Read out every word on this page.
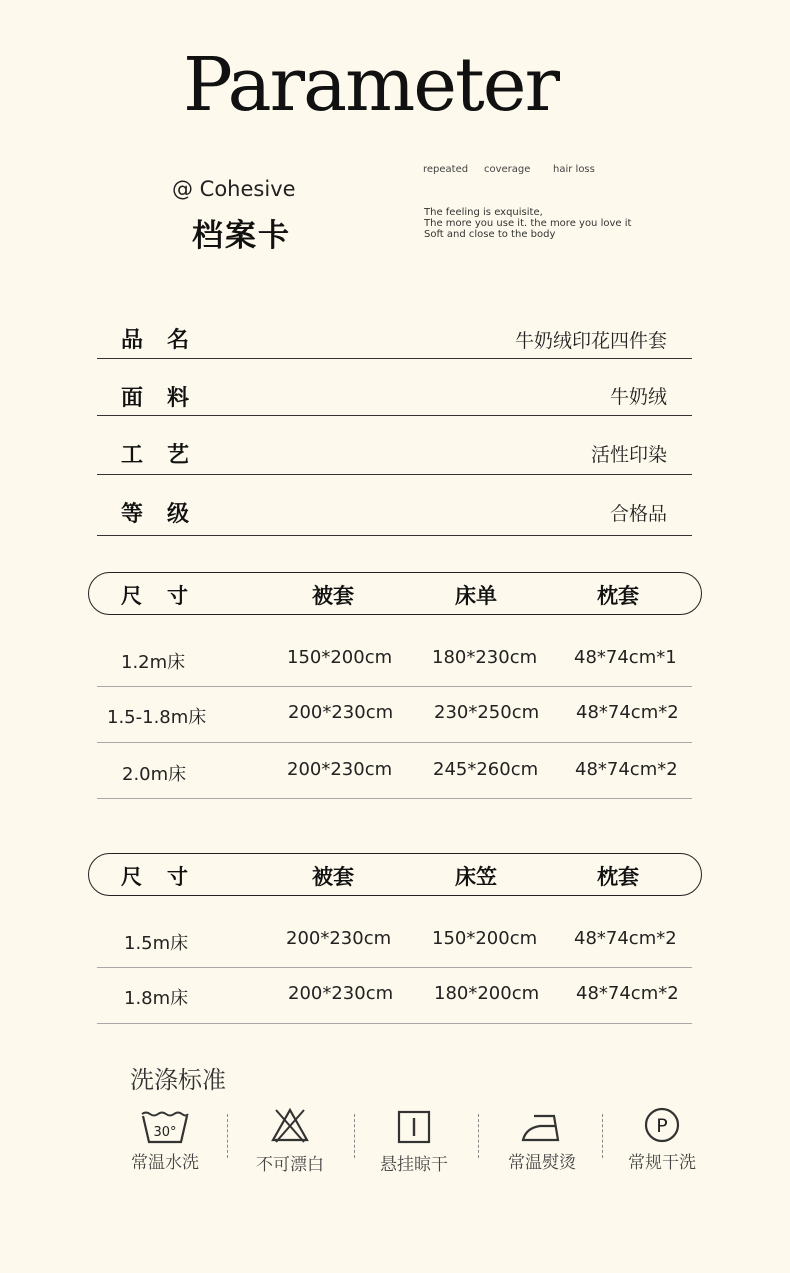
Parameter
@ Cohesive
档案卡
repeated coverage hair loss
The feeling is exquisite,
The more you use it. the more you love it
Soft and close to the body
品 名	牛奶绒印花四件套
面 料	牛奶绒
工 艺	活性印染
等 级	合格品
尺　寸	被套	床单	枕套
1.2m床	150*200cm 180*230cm 48*74cm*1
1.5-1.8m床	200*230cm 230*250cm 48*74cm*2
2.0m床	200*230cm 245*260cm 48*74cm*2
尺　寸	被套	床笠	枕套
1.5m床	200*230cm 150*200cm 48*74cm*2
1.8m床	200*230cm 180*200cm 48*74cm*2
洗涤标准
30°
常温水洗	不可漂白	悬挂晾干	常温熨烫
P
常规干洗
